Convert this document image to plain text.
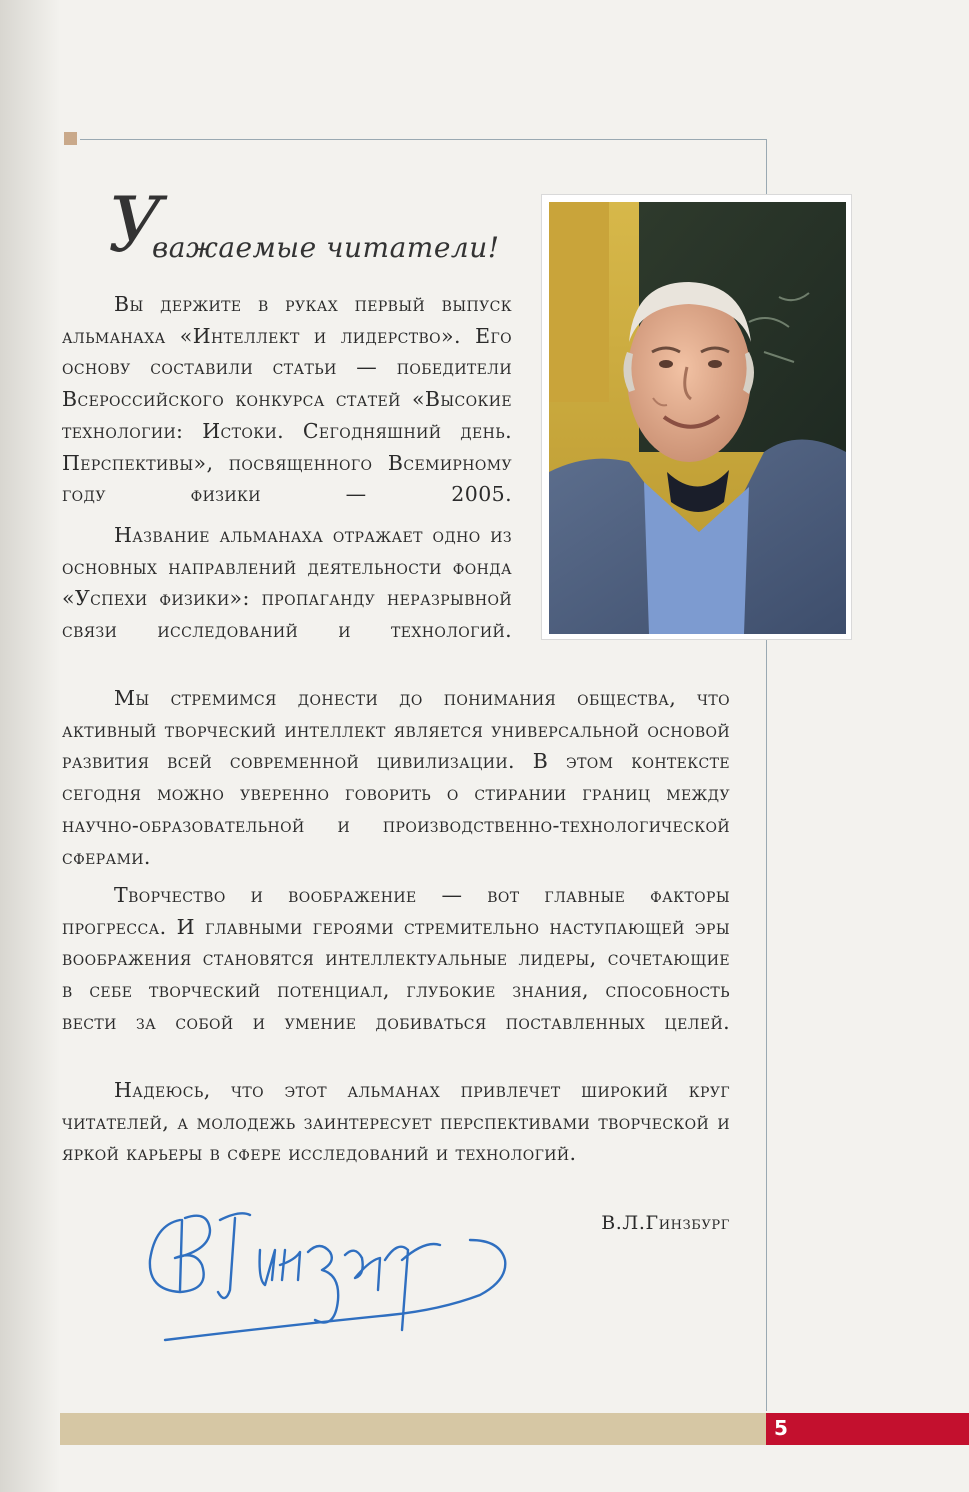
У
важаемые читатели!

Вы держите в руках первый выпуск альманаха «Интеллект и лидерство». Его основу составили статьи — победители Всероссийского конкурса статей «Высокие технологии: Истоки. Сегодняшний день. Перспективы», посвященного Всемирному году физики — 2005.

Название альманаха отражает одно из основных направлений деятельности фонда «Успехи физики»: пропаганду неразрывной связи исследований и технологий.

Мы стремимся донести до понимания общества, что активный творческий интеллект является универсальной основой развития всей современной цивилизации. В этом контексте сегодня можно уверенно говорить о стирании границ между научно-образовательной и производственно-технологической сферами.

Творчество и воображение — вот главные факторы прогресса. И главными героями стремительно наступающей эры воображения становятся интеллектуальные лидеры, сочетающие в себе творческий потенциал, глубокие знания, способность вести за собой и умение добиваться поставленных целей.

Надеюсь, что этот альманах привлечет широкий круг читателей, а молодежь заинтересует перспективами творческой и яркой карьеры в сфере исследований и технологий.

В.Л.Гинзбург
5
